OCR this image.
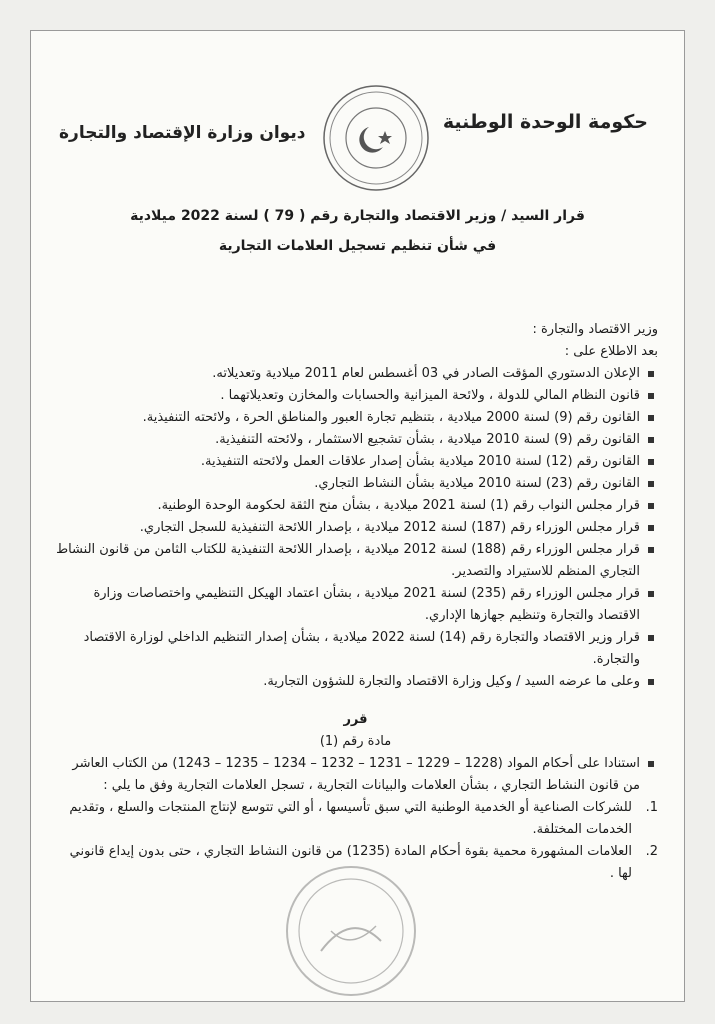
حكومة الوحدة الوطنية
ديوان وزارة الإقتصاد والتجارة
قرار السيد / وزير الاقتصاد والتجارة رقم ( 79 ) لسنة 2022 ميلادية
في شأن تنظيم تسجيل العلامات التجارية

وزير الاقتصاد والتجارة :

بعد الاطلاع على :

الإعلان الدستوري المؤقت الصادر في 03 أغسطس لعام 2011 ميلادية وتعديلاته.
قانون النظام المالي للدولة ، ولائحة الميزانية والحسابات والمخازن وتعديلاتهما .
القانون رقم (9) لسنة 2000 ميلادية ، بتنظيم تجارة العبور والمناطق الحرة ، ولائحته التنفيذية.
القانون رقم (9) لسنة 2010 ميلادية ، بشأن تشجيع الاستثمار ، ولائحته التنفيذية.
القانون رقم (12) لسنة 2010 ميلادية بشأن إصدار علاقات العمل ولائحته التنفيذية.
القانون رقم (23) لسنة 2010 ميلادية بشأن النشاط التجاري.
قرار مجلس النواب رقم (1) لسنة 2021 ميلادية ، بشأن منح الثقة لحكومة الوحدة الوطنية.
قرار مجلس الوزراء رقم (187) لسنة 2012 ميلادية ، بإصدار اللائحة التنفيذية للسجل التجاري.
قرار مجلس الوزراء رقم (188) لسنة 2012 ميلادية ، بإصدار اللائحة التنفيذية للكتاب الثامن من قانون النشاط التجاري المنظم للاستيراد والتصدير.
قرار مجلس الوزراء رقم (235) لسنة 2021 ميلادية ، بشأن اعتماد الهيكل التنظيمي واختصاصات وزارة الاقتصاد والتجارة وتنظيم جهازها الإداري.
قرار وزير الاقتصاد والتجارة رقم (14) لسنة 2022 ميلادية ، بشأن إصدار التنظيم الداخلي لوزارة الاقتصاد والتجارة.
وعلى ما عرضه السيد / وكيل وزارة الاقتصاد والتجارة للشؤون التجارية.
قرر
مادة رقم (1)
استنادا على أحكام المواد (1228 – 1229 – 1231 – 1232 – 1234 – 1235 – 1243) من الكتاب العاشر من قانون النشاط التجاري ، بشأن العلامات والبيانات التجارية ، تسجل العلامات التجارية وفق ما يلي :
1.
للشركات الصناعية أو الخدمية الوطنية التي سبق تأسيسها ، أو التي تتوسع لإنتاج المنتجات والسلع ، وتقديم الخدمات المختلفة.
2.
العلامات المشهورة محمية بقوة أحكام المادة (1235) من قانون النشاط التجاري ، حتى بدون إيداع قانوني لها .
